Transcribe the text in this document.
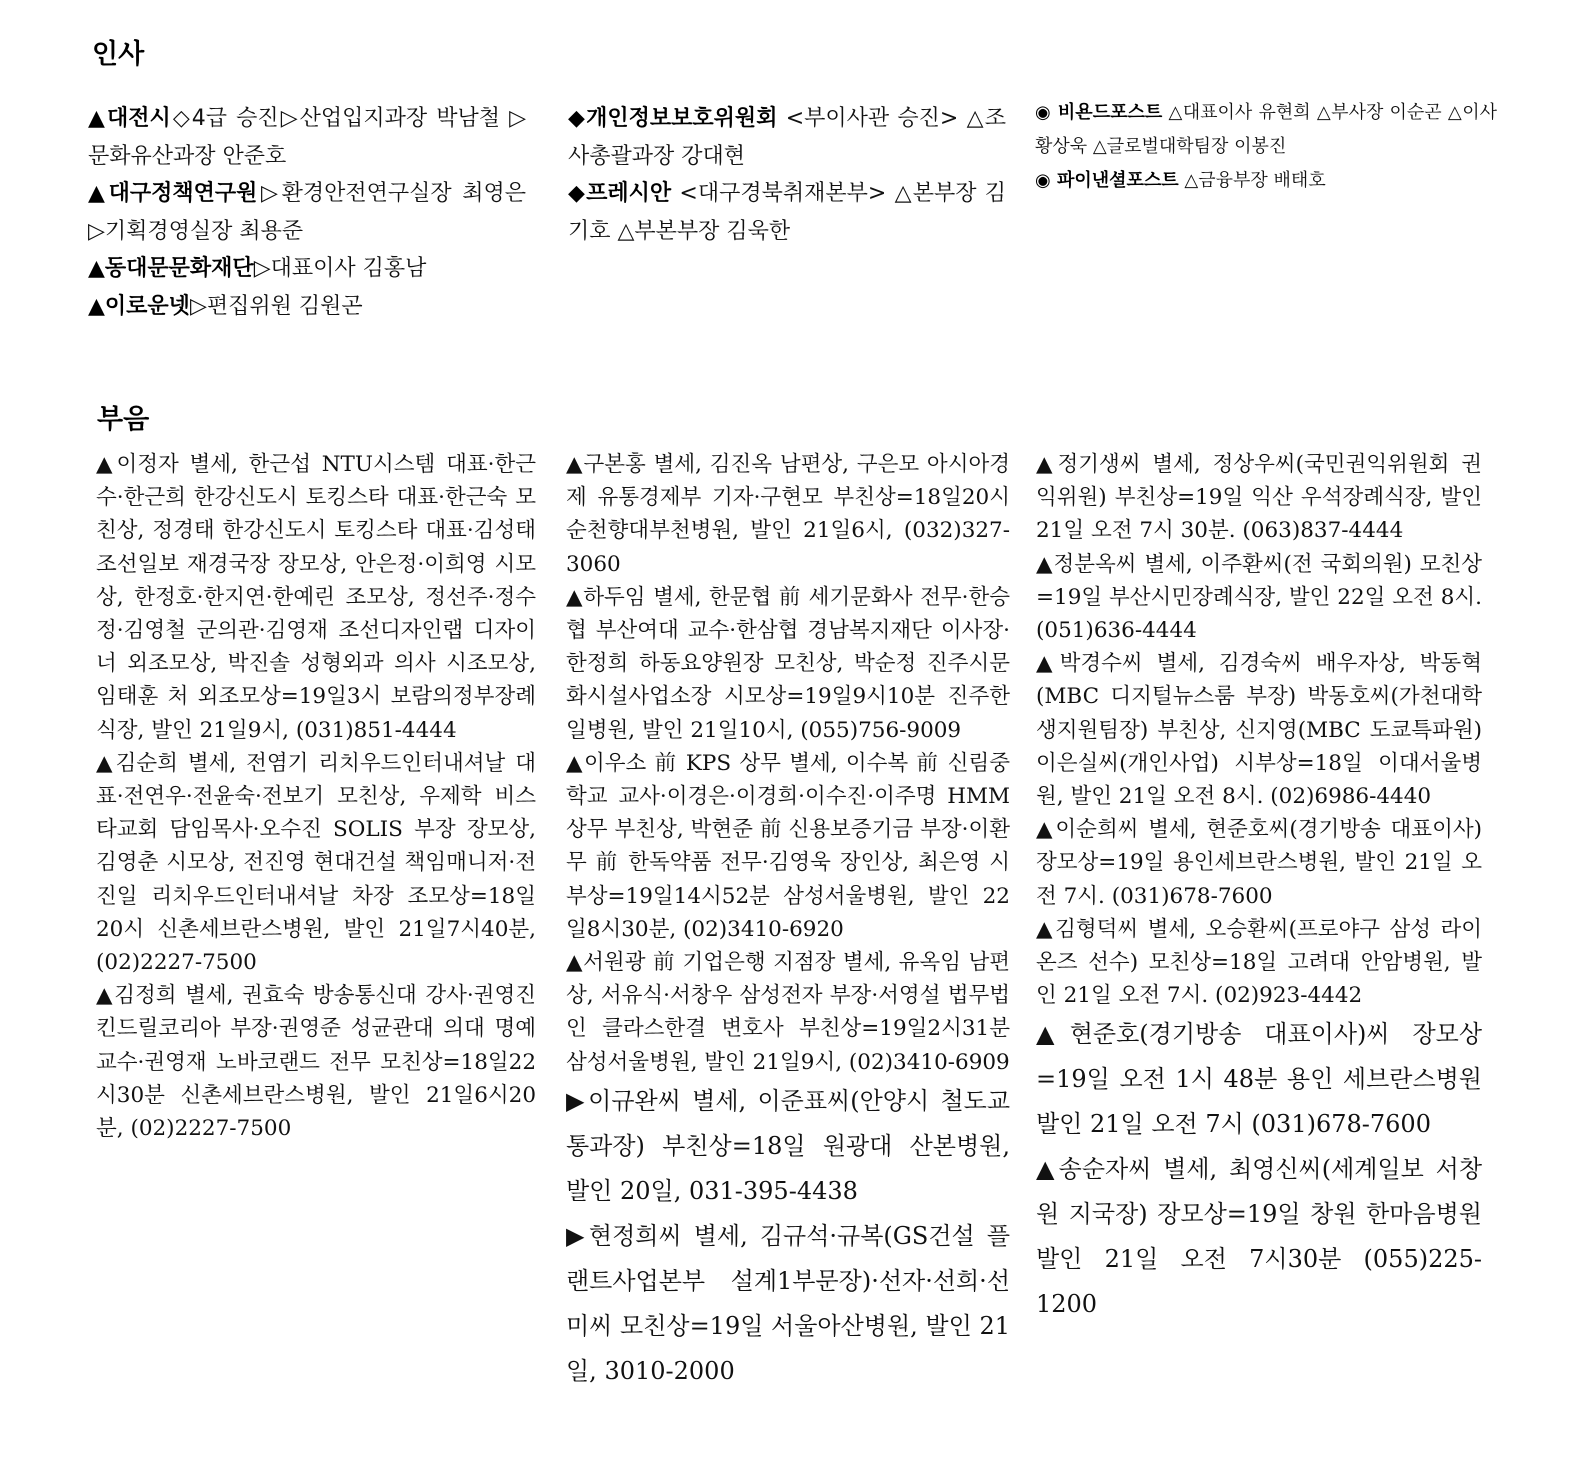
인사

▲대전시◇4급 승진▷산업입지과장 박남철 ▷문화유산과장 안준호

▲대구정책연구원▷환경안전연구실장 최영은▷기획경영실장 최용준

▲동대문문화재단▷대표이사 김홍남

▲이로운넷▷편집위원 김원곤

◆개인정보보호위원회 <부이사관 승진> △조사총괄과장 강대현

◆프레시안 <대구경북취재본부> △본부장 김기호 △부본부장 김욱한

◉ 비욘드포스트 △대표이사 유현희 △부사장 이순곤 △이사 황상욱 △글로벌대학팀장 이봉진

◉ 파이낸셜포스트 △금융부장 배태호

부음

▲이정자 별세, 한근섭 NTU시스템 대표·한근수·한근희 한강신도시 토킹스타 대표·한근숙 모친상, 정경태 한강신도시 토킹스타 대표·김성태 조선일보 재경국장 장모상, 안은정·이희영 시모상, 한정호·한지연·한예린 조모상, 정선주·정수정·김영철 군의관·김영재 조선디자인랩 디자이너 외조모상, 박진솔 성형외과 의사 시조모상, 임태훈 처 외조모상=19일3시 보람의정부장례식장, 발인 21일9시, (031)851-4444

▲김순희 별세, 전염기 리치우드인터내셔날 대표·전연우·전윤숙·전보기 모친상, 우제학 비스타교회 담임목사·오수진 SOLIS 부장 장모상, 김영춘 시모상, 전진영 현대건설 책임매니저·전진일 리치우드인터내셔날 차장 조모상=18일20시 신촌세브란스병원, 발인 21일7시40분, (02)2227-7500

▲김정희 별세, 권효숙 방송통신대 강사·권영진 킨드릴코리아 부장·권영준 성균관대 의대 명예교수·권영재 노바코랜드 전무 모친상=18일22시30분 신촌세브란스병원, 발인 21일6시20분, (02)2227-7500

▲구본홍 별세, 김진옥 남편상, 구은모 아시아경제 유통경제부 기자·구현모 부친상=18일20시 순천향대부천병원, 발인 21일6시, (032)327-3060

▲하두임 별세, 한문협 前 세기문화사 전무·한승협 부산여대 교수·한삼협 경남복지재단 이사장·한정희 하동요양원장 모친상, 박순정 진주시문화시설사업소장 시모상=19일9시10분 진주한일병원, 발인 21일10시, (055)756-9009

▲이우소 前 KPS 상무 별세, 이수복 前 신림중학교 교사·이경은·이경희·이수진·이주명 HMM 상무 부친상, 박현준 前 신용보증기금 부장·이환무 前 한독약품 전무·김영욱 장인상, 최은영 시부상=19일14시52분 삼성서울병원, 발인 22일8시30분, (02)3410-6920

▲서원광 前 기업은행 지점장 별세, 유옥임 남편상, 서유식·서창우 삼성전자 부장·서영설 법무법인 클라스한결 변호사 부친상=19일2시31분 삼성서울병원, 발인 21일9시, (02)3410-6909

▶이규완씨 별세, 이준표씨(안양시 철도교통과장) 부친상=18일 원광대 산본병원, 발인 20일, 031-395-4438

▶현정희씨 별세, 김규석·규복(GS건설 플랜트사업본부 설계1부문장)·선자·선희·선미씨 모친상=19일 서울아산병원, 발인 21일, 3010-2000

▲정기생씨 별세, 정상우씨(국민권익위원회 권익위원) 부친상=19일 익산 우석장례식장, 발인 21일 오전 7시 30분. (063)837-4444

▲정분옥씨 별세, 이주환씨(전 국회의원) 모친상=19일 부산시민장례식장, 발인 22일 오전 8시. (051)636-4444

▲박경수씨 별세, 김경숙씨 배우자상, 박동혁(MBC 디지털뉴스룸 부장) 박동호씨(가천대학생지원팀장) 부친상, 신지영(MBC 도쿄특파원) 이은실씨(개인사업) 시부상=18일 이대서울병원, 발인 21일 오전 8시. (02)6986-4440

▲이순희씨 별세, 현준호씨(경기방송 대표이사) 장모상=19일 용인세브란스병원, 발인 21일 오전 7시. (031)678-7600

▲김형덕씨 별세, 오승환씨(프로야구 삼성 라이온즈 선수) 모친상=18일 고려대 안암병원, 발인 21일 오전 7시. (02)923-4442

▲현준호(경기방송 대표이사)씨 장모상=19일 오전 1시 48분 용인 세브란스병원 발인 21일 오전 7시 (031)678-7600

▲송순자씨 별세, 최영신씨(세계일보 서창원 지국장) 장모상=19일 창원 한마음병원 발인 21일 오전 7시30분 (055)225-1200
